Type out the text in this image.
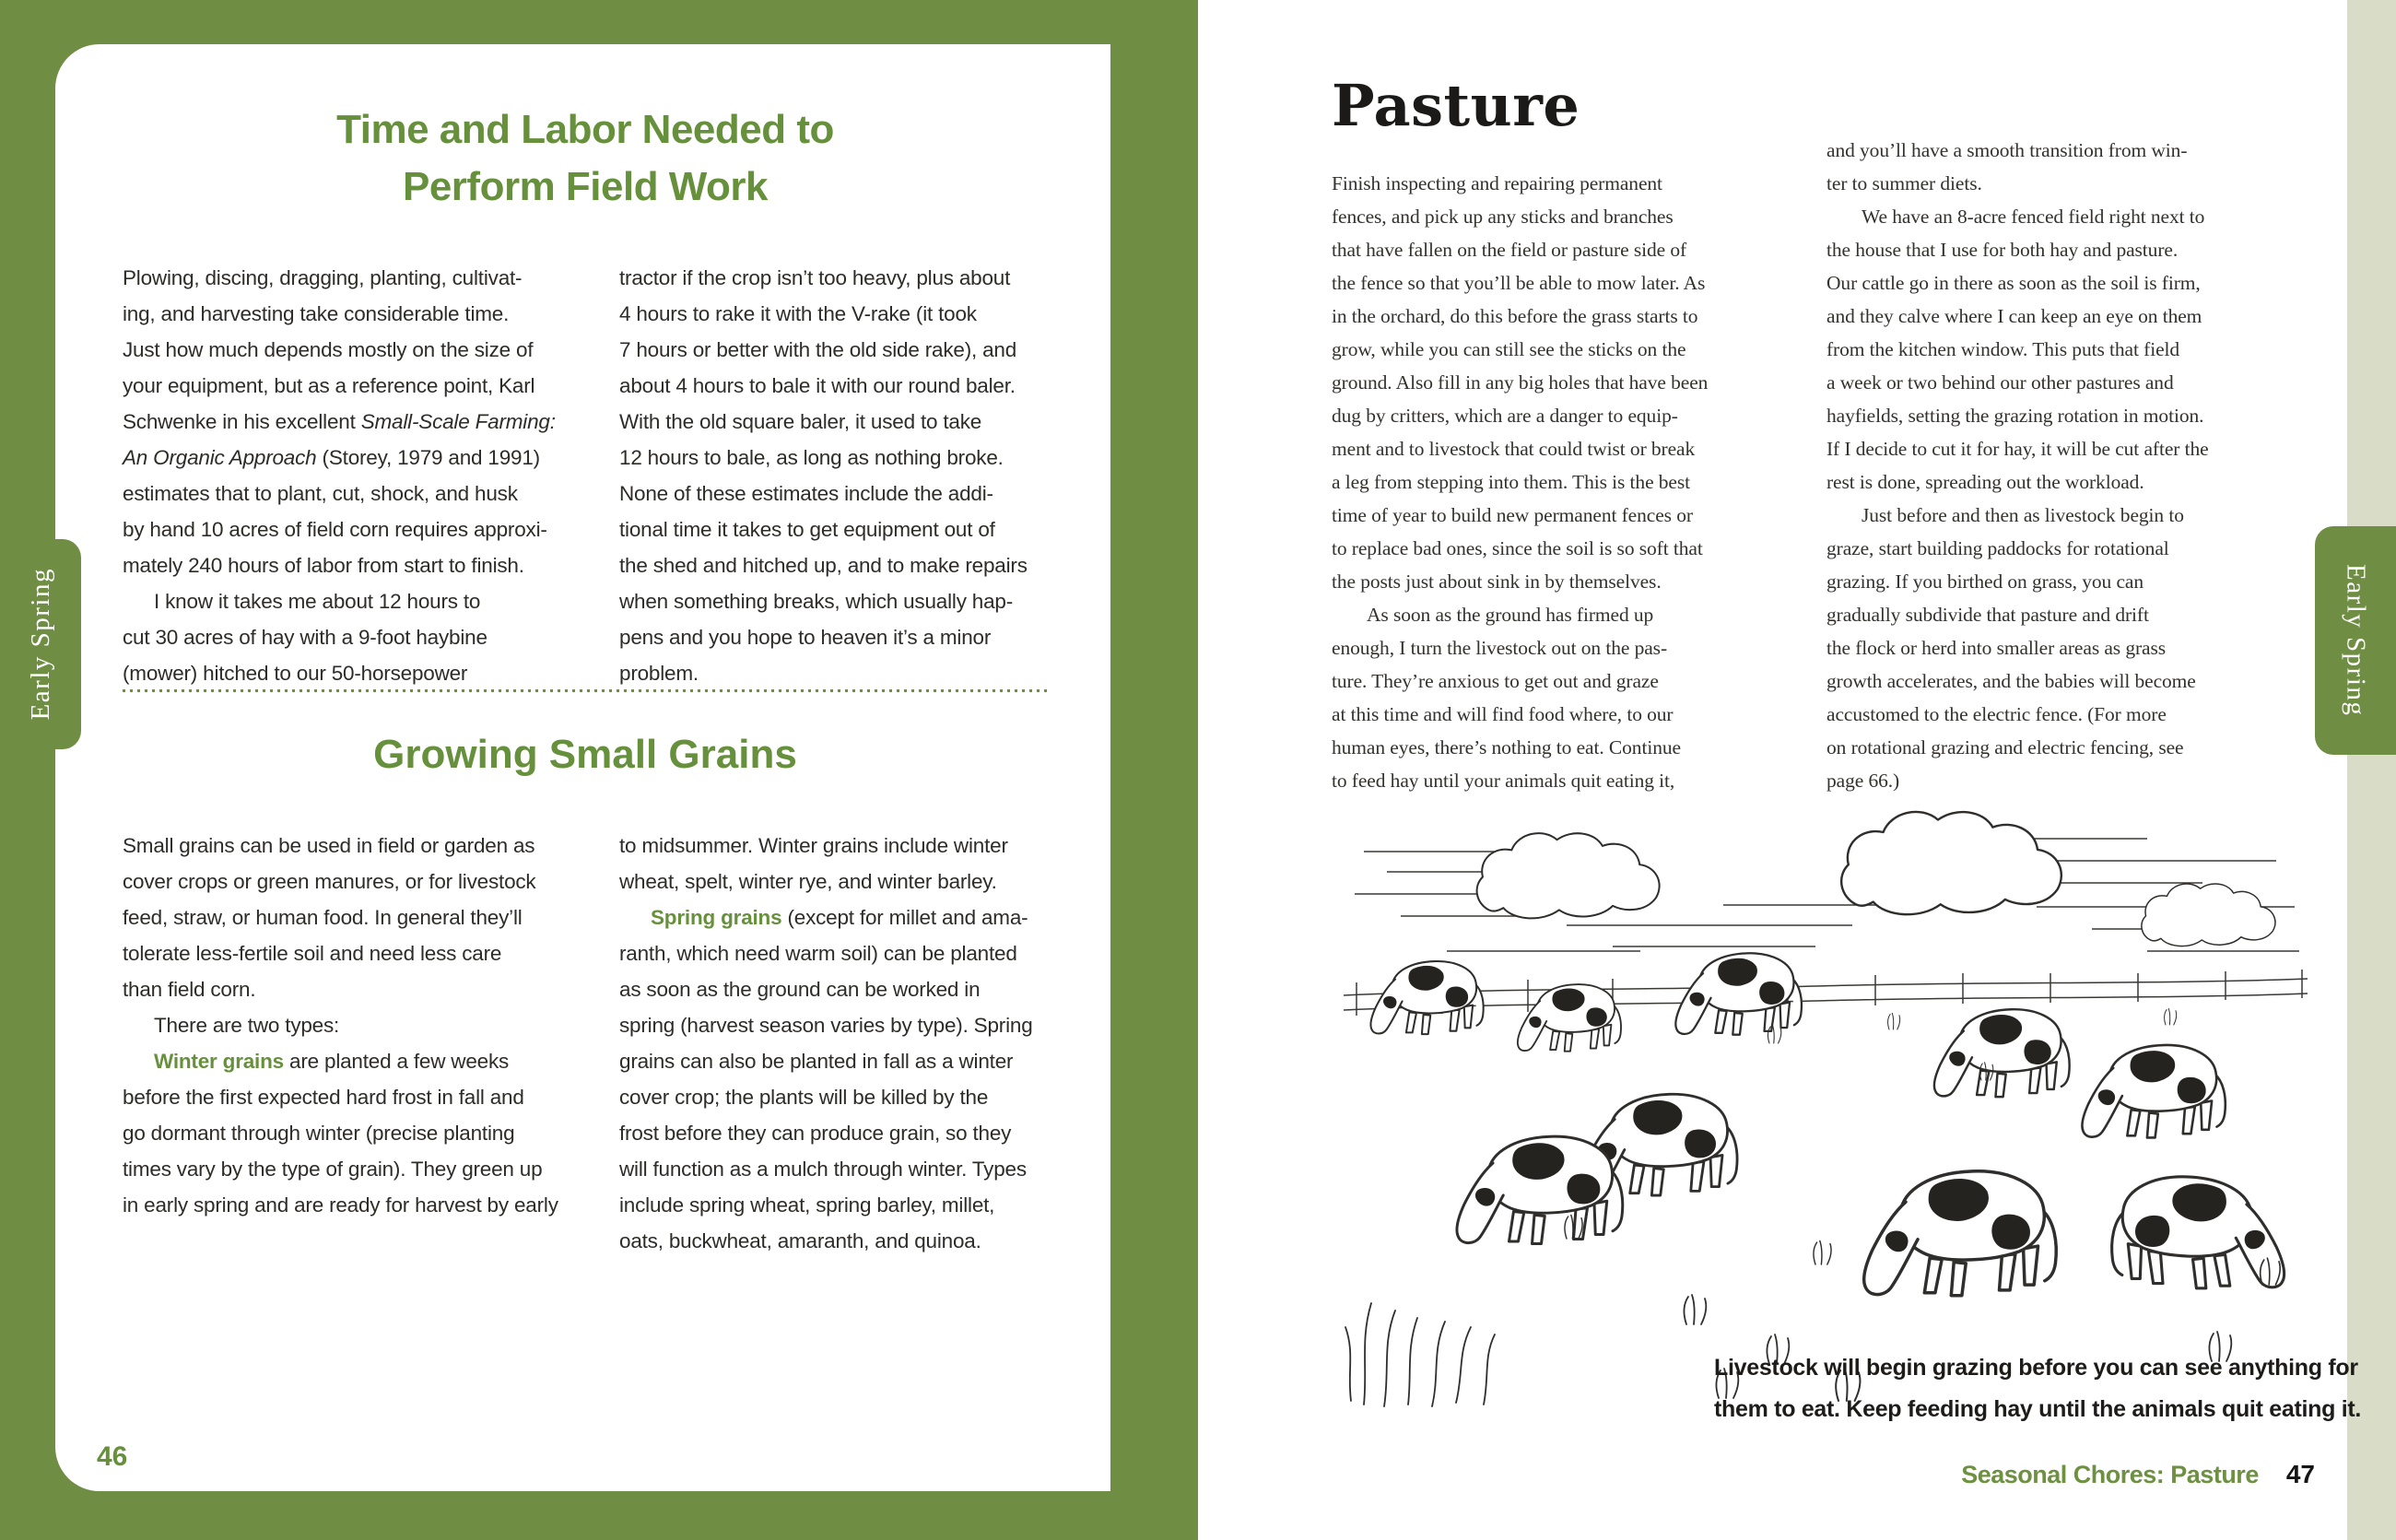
Time and Labor Needed to
Perform Field Work
Plowing, discing, dragging, planting, cultivat-
ing, and harvesting take considerable time.
Just how much depends mostly on the size of
your equipment, but as a reference point, Karl
Schwenke in his excellent Small-Scale Farming:
An Organic Approach (Storey, 1979 and 1991)
estimates that to plant, cut, shock, and husk
by hand 10 acres of field corn requires approxi-
mately 240 hours of labor from start to finish.
I know it takes me about 12 hours to
cut 30 acres of hay with a 9-foot haybine
(mower) hitched to our 50-horsepower
tractor if the crop isn’t too heavy, plus about
4 hours to rake it with the V-rake (it took
7 hours or better with the old side rake), and
about 4 hours to bale it with our round baler.
With the old square baler, it used to take
12 hours to bale, as long as nothing broke.
None of these estimates include the addi-
tional time it takes to get equipment out of
the shed and hitched up, and to make repairs
when something breaks, which usually hap-
pens and you hope to heaven it’s a minor
problem.
Growing Small Grains
Small grains can be used in field or garden as
cover crops or green manures, or for livestock
feed, straw, or human food. In general they’ll
tolerate less-fertile soil and need less care
than field corn.
There are two types:
Winter grains are planted a few weeks
before the first expected hard frost in fall and
go dormant through winter (precise planting
times vary by the type of grain). They green up
in early spring and are ready for harvest by early
to midsummer. Winter grains include winter
wheat, spelt, winter rye, and winter barley.
Spring grains (except for millet and ama-
ranth, which need warm soil) can be planted
as soon as the ground can be worked in
spring (harvest season varies by type). Spring
grains can also be planted in fall as a winter
cover crop; the plants will be killed by the
frost before they can produce grain, so they
will function as a mulch through winter. Types
include spring wheat, spring barley, millet,
oats, buckwheat, amaranth, and quinoa.
46
Pasture
Finish inspecting and repairing permanent
fences, and pick up any sticks and branches
that have fallen on the field or pasture side of
the fence so that you’ll be able to mow later. As
in the orchard, do this before the grass starts to
grow, while you can still see the sticks on the
ground. Also fill in any big holes that have been
dug by critters, which are a danger to equip-
ment and to livestock that could twist or break
a leg from stepping into them. This is the best
time of year to build new permanent fences or
to replace bad ones, since the soil is so soft that
the posts just about sink in by themselves.
As soon as the ground has firmed up
enough, I turn the livestock out on the pas-
ture. They’re anxious to get out and graze
at this time and will find food where, to our
human eyes, there’s nothing to eat. Continue
to feed hay until your animals quit eating it,
and you’ll have a smooth transition from win-
ter to summer diets.
We have an 8-acre fenced field right next to
the house that I use for both hay and pasture.
Our cattle go in there as soon as the soil is firm,
and they calve where I can keep an eye on them
from the kitchen window. This puts that field
a week or two behind our other pastures and
hayfields, setting the grazing rotation in motion.
If I decide to cut it for hay, it will be cut after the
rest is done, spreading out the workload.
Just before and then as livestock begin to
graze, start building paddocks for rotational
grazing. If you birthed on grass, you can
gradually subdivide that pasture and drift
the flock or herd into smaller areas as grass
growth accelerates, and the babies will become
accustomed to the electric fence. (For more
on rotational grazing and electric fencing, see
page 66.)
Livestock will begin grazing before you can see anything for
them to eat. Keep feeding hay until the animals quit eating it.
Seasonal Chores: Pasture 47
Early Spring	Early Spring
